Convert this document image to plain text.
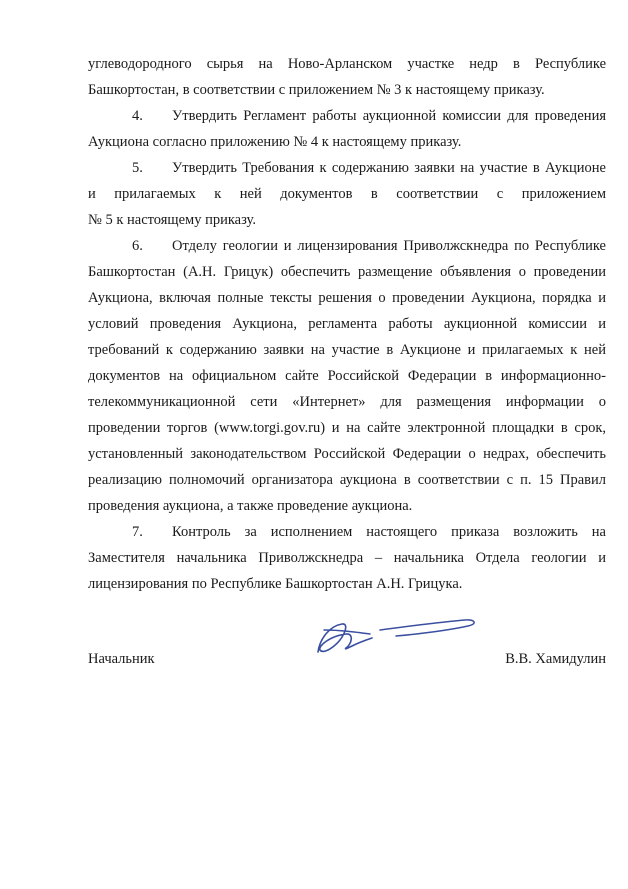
углеводородного сырья на Ново-Арланском участке недр в Республике
Башкортостан, в соответствии с приложением № 3 к настоящему приказу.
4.	Утвердить Регламент работы аукционной комиссии для проведения
Аукциона согласно приложению № 4 к настоящему приказу.
5.	Утвердить Требования к содержанию заявки на участие в Аукционе
и прилагаемых к ней документов в соответствии с приложением
№ 5 к настоящему приказу.
6.	Отделу геологии и лицензирования Приволжскнедра по Республике
Башкортостан (А.Н. Грицук) обеспечить размещение объявления о проведении
Аукциона, включая полные тексты решения о проведении Аукциона, порядка и
условий проведения Аукциона, регламента работы аукционной комиссии и
требований к содержанию заявки на участие в Аукционе и прилагаемых к ней
документов на официальном сайте Российской Федерации в информационно-
телекоммуникационной сети «Интернет» для размещения информации о
проведении торгов (www.torgi.gov.ru) и на сайте электронной площадки в срок,
установленный законодательством Российской Федерации о недрах, обеспечить
реализацию полномочий организатора аукциона в соответствии с п. 15 Правил
проведения аукциона, а также проведение аукциона.
7.	Контроль за исполнением настоящего приказа возложить на
Заместителя начальника Приволжскнедра – начальника Отдела геологии и
лицензирования по Республике Башкортостан А.Н. Грицука.
Начальник	В.В. Хамидулин
